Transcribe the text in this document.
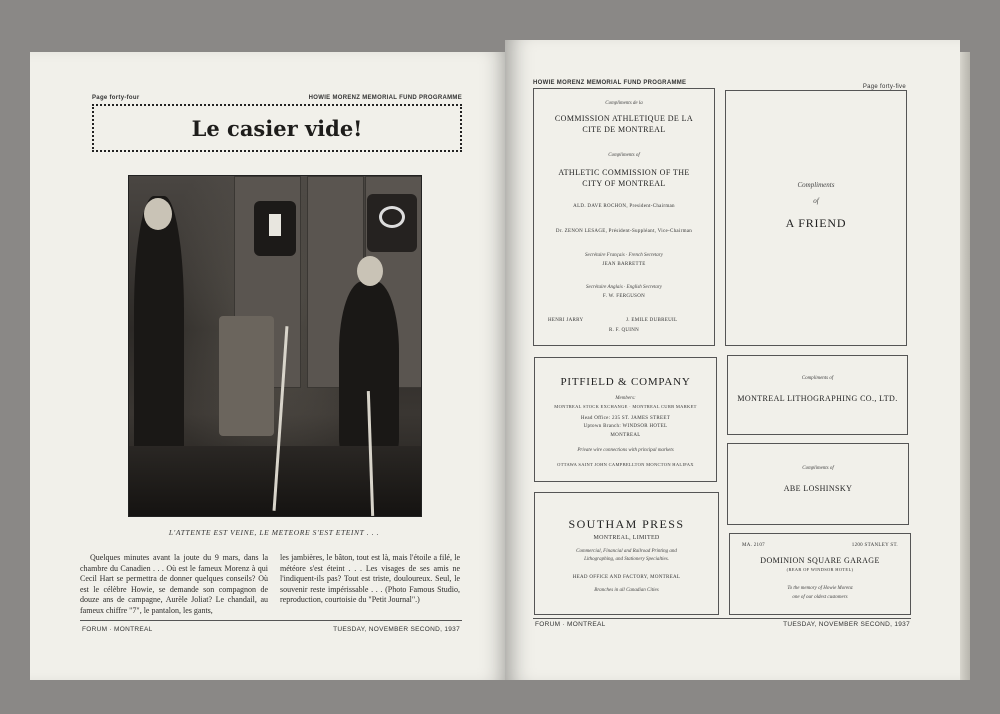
Page forty-four	HOWIE MORENZ MEMORIAL FUND PROGRAMME
Le casier vide!
L'ATTENTE EST VEINE, LE METEORE S'EST ETEINT . . .
Quelques minutes avant la joute du 9 mars, dans la chambre du Canadien . . . Où est le fameux Morenz à qui Cecil Hart se permettra de donner quelques conseils? Où est le célèbre Howie, se demande son compagnon de douze ans de campagne, Aurèle Joliat? Le chandail, au fameux chiffre "7", le pantalon, les gants,
les jambières, le bâton, tout est là, mais l'étoile a filé, le météore s'est éteint . . . Les visages de ses amis ne l'indiquent-ils pas? Tout est triste, douloureux. Seul, le souvenir reste impérissable . . . (Photo Famous Studio, reproduction, courtoisie du "Petit Journal".)
FORUM · MONTREAL	TUESDAY, NOVEMBER SECOND, 1937
HOWIE MORENZ MEMORIAL FUND PROGRAMME
Page forty-five
Compliments de la
COMMISSION ATHLETIQUE DE LA CITE DE MONTREAL
Compliments of
ATHLETIC COMMISSION OF THE CITY OF MONTREAL
ALD. DAVE ROCHON, President-Chairman
Dr. ZENON LESAGE, Président-Suppléant, Vice-Chairman
Secrétaire Français · French Secretary
JEAN BARRETTE
Secrétaire Anglais · English Secretary
F. W. FERGUSON
HENRI JARRY	J. EMILE DUBREUIL
R. F. QUINN
Compliments
of
A FRIEND
PITFIELD & COMPANY
Members:
MONTREAL STOCK EXCHANGE · MONTREAL CURB MARKET
Head Office: 235 ST. JAMES STREET
Uptown Branch: WINDSOR HOTEL
MONTREAL
Private wire connections with principal markets
OTTAWA SAINT JOHN CAMPBELLTON MONCTON HALIFAX
Compliments of
MONTREAL LITHOGRAPHING CO., LTD.
Compliments of
ABE LOSHINSKY
SOUTHAM PRESS
MONTREAL, LIMITED
Commercial, Financial and Railroad Printing and
Lithographing, and Stationery Specialties.
HEAD OFFICE AND FACTORY, MONTREAL
Branches in all Canadian Cities
MA. 2107	1200 STANLEY ST.
DOMINION SQUARE GARAGE
(REAR OF WINDSOR HOTEL)
To the memory of Howie Morenz
one of our oldest customers
FORUM · MONTREAL	TUESDAY, NOVEMBER SECOND, 1937
